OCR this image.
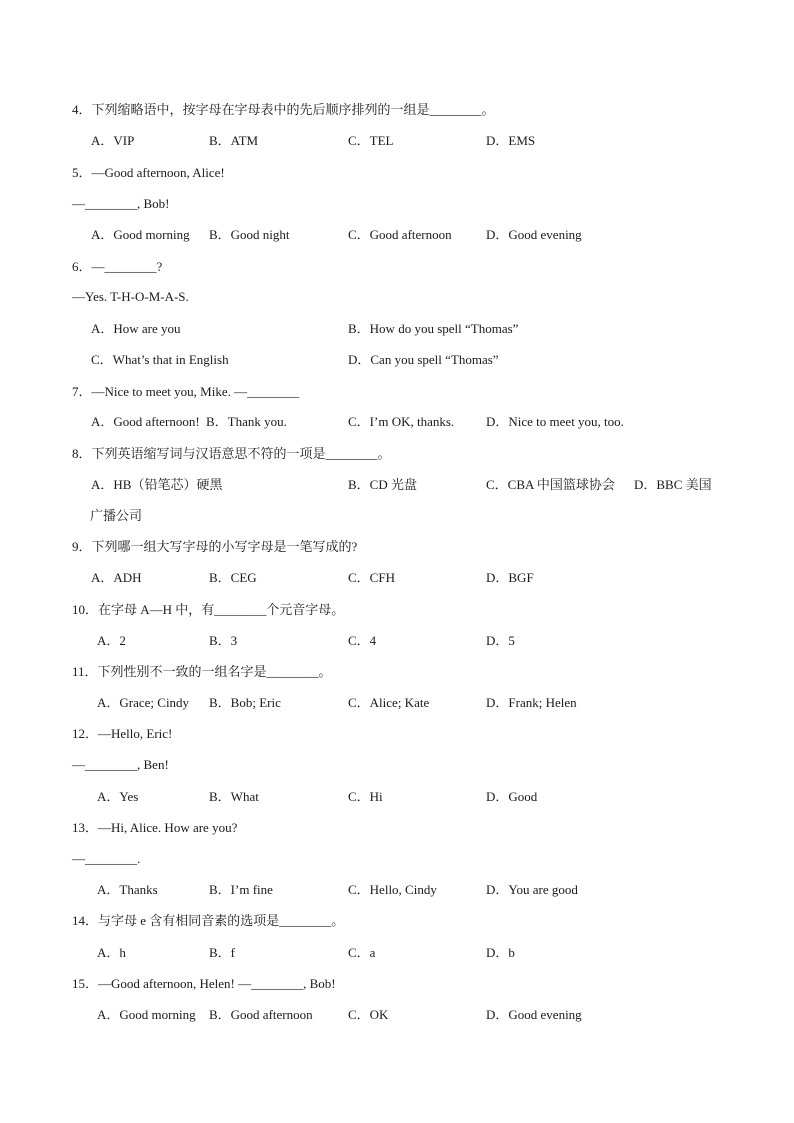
4．下列缩略语中，按字母在字母表中的先后顺序排列的一组是________。
A．VIP	B．ATM	C．TEL	D．EMS
5．—Good afternoon, Alice!
—________, Bob!
A．Good morning B．Good night	C．Good afternoon	D．Good evening
6．—________?
—Yes. T-H-O-M-A-S.
A．How are you	B．How do you spell “Thomas”
C．What’s that in English	D．Can you spell “Thomas”
7．—Nice to meet you, Mike. —________
A．Good afternoon! B．Thank you.	C．I’m OK, thanks. D．Nice to meet you, too.
8．下列英语缩写词与汉语意思不符的一项是________。
A．HB（铅笔芯）硬黑	B．CD 光盘	C．CBA 中国篮球协会 D．BBC 美国
广播公司
9．下列哪一组大写字母的小写字母是一笔写成的?
A．ADH	B．CEG	C．CFH	D．BGF
10．在字母 A—H 中，有________个元音字母。
A．2	B．3	C．4	D．5
11．下列性别不一致的一组名字是________。
A．Grace; Cindy B．Bob; Eric	C．Alice; Kate	D．Frank; Helen
12．—Hello, Eric!
—________, Ben!
A．Yes	B．What	C．Hi	D．Good
13．—Hi, Alice. How are you?
—________.
A．Thanks	B．I’m fine	C．Hello, Cindy	D．You are good
14．与字母 e 含有相同音素的选项是________。
A．h	B．f	C．a	D．b
15．—Good afternoon, Helen! —________, Bob!
A．Good morning B．Good afternoon	C．OK	D．Good evening
